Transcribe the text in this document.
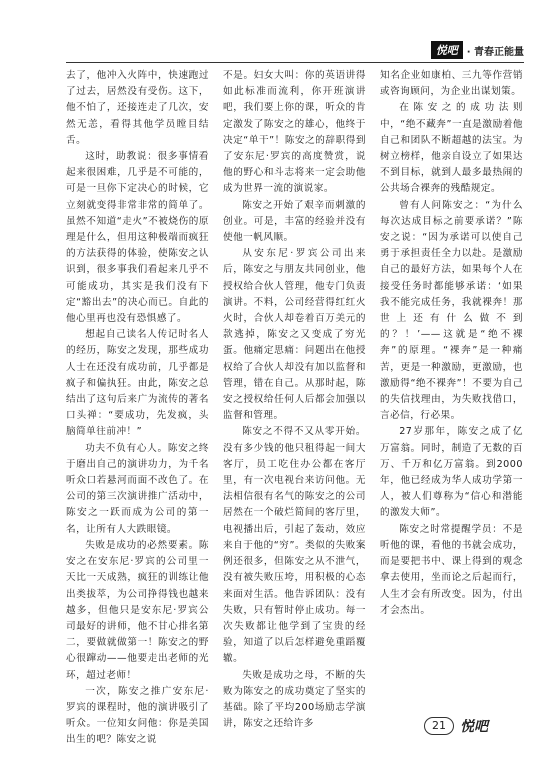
悦吧 · 青春正能量

去了，他冲入火阵中，快速跑过了过去，居然没有受伤。这下，他不怕了，还接连走了几次，安然无恙，看得其他学员瞠目结舌。

这时，助教说：很多事情看起来很困难，几乎是不可能的，可是一旦你下定决心的时候，它立刻就变得非常非常的简单了。虽然不知道“走火”不被烧伤的原理是什么，但用这种极端而疯狂的方法获得的体验，使陈安之认识到，很多事我们看起来几乎不可能成功，其实是我们没有下定“豁出去”的决心而已。自此的他心里再也没有恐惧感了。

想起自己读名人传记时名人的经历，陈安之发现，那些成功人士在还没有成功前，几乎都是疯子和偏执狂。由此，陈安之总结出了这句后来广为流传的著名口头禅：“要成功，先发疯，头脑简单往前冲！”

功夫不负有心人。陈安之终于磨出自己的演讲功力，为千名听众口若悬河而面不改色了。在公司的第三次演讲推广活动中，陈安之一跃而成为公司的第一名，让所有人大跌眼镜。

失败是成功的必然要素。陈安之在安东尼·罗宾的公司里一天比一天成熟，疯狂的训练让他出类拔萃，为公司挣得钱也越来越多，但他只是安东尼·罗宾公司最好的讲师，他不甘心排名第二，要做就做第一！陈安之的野心很蹿动——他要走出老师的光环，超过老师！

一次，陈安之推广安东尼·罗宾的课程时，他的演讲吸引了听众。一位知女问他：你是美国出生的吧？陈安之说

不是。妇女大叫：你的英语讲得如此标准而流利，你开班演讲吧，我们要上你的课，听众的肯定激发了陈安之的雄心，他终于决定“单干”！陈安之的辞职得到了安东尼·罗宾的高度赞赏，说他的野心和斗志将来一定会助他成为世界一流的演说家。

陈安之开始了艰辛而刺激的创业。可是，丰富的经验并没有使他一帆风顺。

从安东尼·罗宾公司出来后，陈安之与朋友共同创业，他授权给合伙人管理，他专门负责演讲。不料，公司经营得红红火火时，合伙人却卷着百万美元的款逃掉，陈安之又变成了穷光蛋。他痛定思痛：问题出在他授权给了合伙人却没有加以监督和管理，错在自己。从那时起，陈安之授权给任何人后都会加强以监督和管理。

陈安之不得不又从零开始。没有多少钱的他只租得起一间大客厅，员工吃住办公都在客厅里，有一次电视台来访问他。无法相信很有名气的陈安之的公司居然在一个破烂简间的客厅里，电视播出后，引起了轰动，效应来自于他的“穷”。类似的失败案例还很多，但陈安之从不泄气，没有被失败压垮，用积极的心态来面对生活。他告诉团队：没有失败，只有暂时停止成功。每一次失败都让他学到了宝贵的经验，知道了以后怎样避免重蹈覆辙。

失败是成功之母，不断的失败为陈安之的成功奠定了坚实的基础。除了平均200场励志学演讲，陈安之还给许多

知名企业如康柏、三九等作营销或咨询顾问，为企业出谋划策。

在陈安之的成功法则中，“绝不藏奔”一直是激励着他自己和团队不断超越的法宝。为树立榜样，他亲自设立了如果达不到目标，就到人最多最热闹的公共场合裸奔的残酷规定。

曾有人问陈安之：“为什么每次达成目标之前要承诺？”陈安之说：“因为承诺可以使自己勇于承担责任全力以赴。是激励自己的最好方法，如果每个人在接受任务时都能够承诺：‘如果我不能完成任务，我就裸奔！那世上还有什么做不到的？！’——这就是“绝不裸奔”的原理。“裸奔”是一种痛苦，更是一种激励，更激励，也激励得“绝不裸奔”！不要为自己的失信找理由，为失败找借口，言必信，行必果。

27岁那年，陈安之成了亿万富翁。同时，制造了无数的百万、千万和亿万富翁。到2000年，他已经成为华人成功学第一人，被人们尊称为“信心和潜能的激发大师”。

陈安之时常提醒学员：不是听他的课，看他的书就会成功，而是要把书中、课上得到的观念拿去使用，坐而论之后起而行，人生才会有所改变。因为，付出才会杰出。

21	悦吧
